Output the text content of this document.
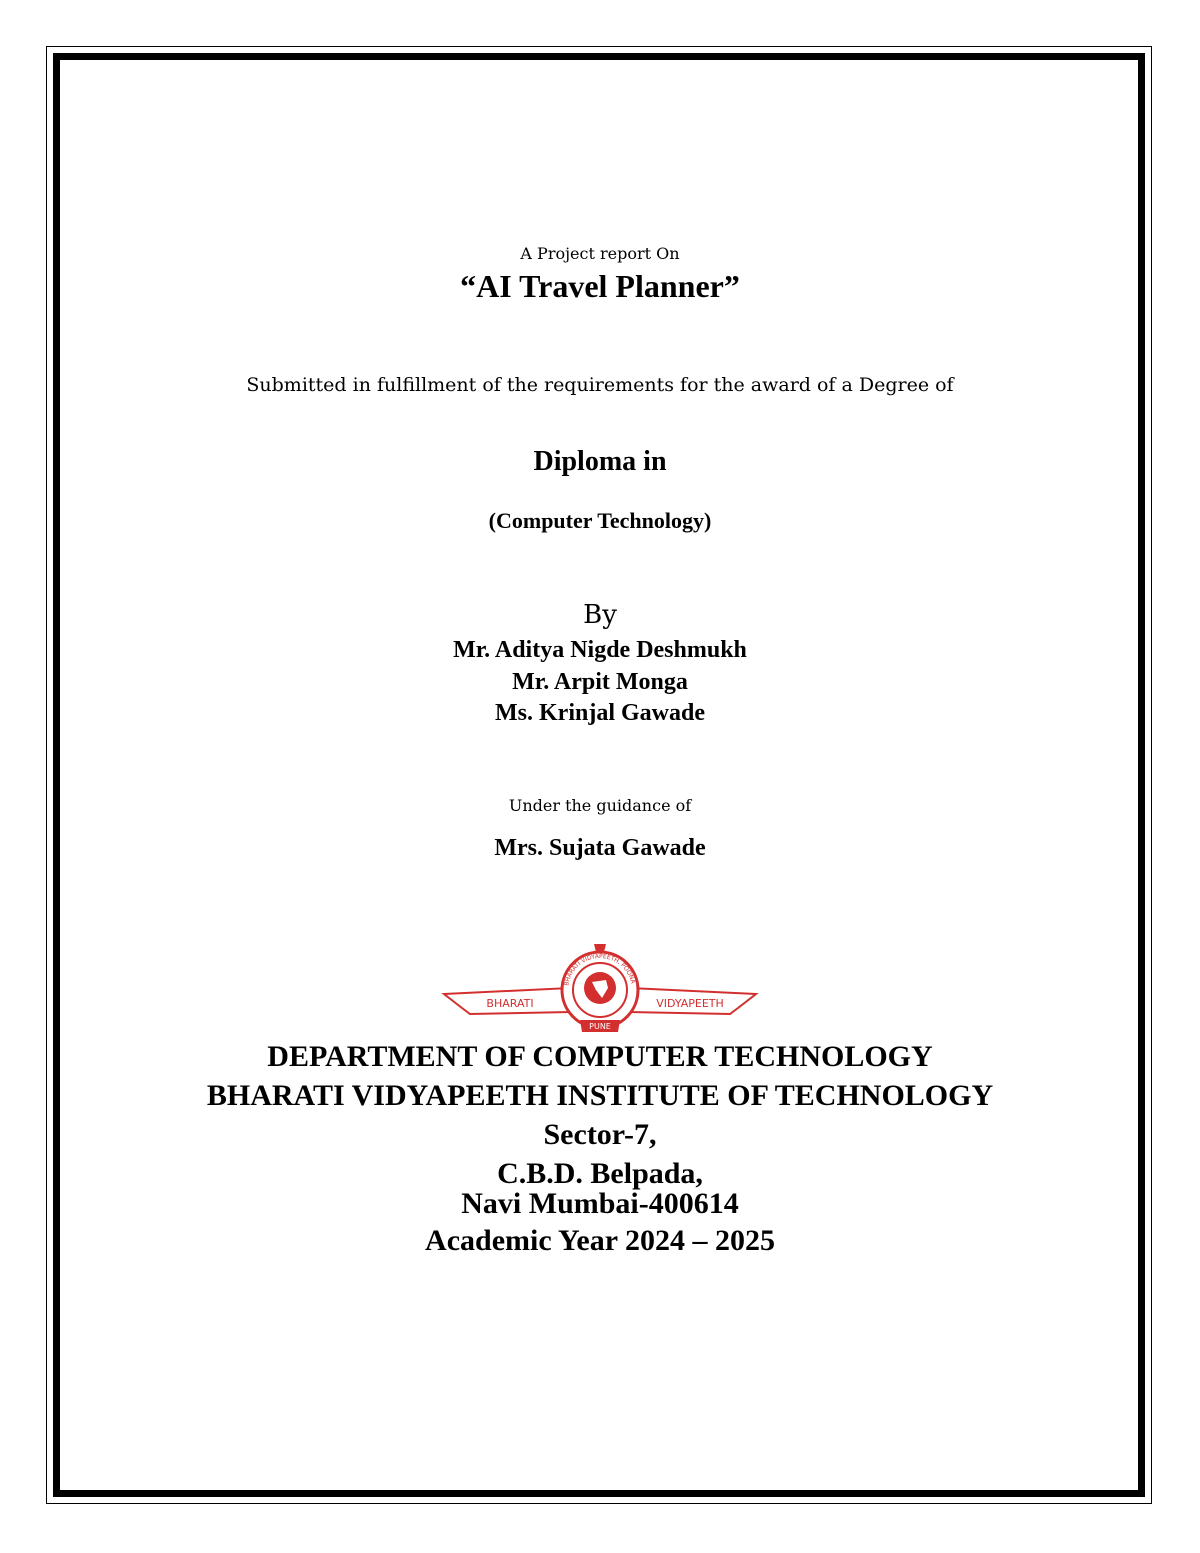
A Project report On
“AI Travel Planner”
Submitted in fulfillment of the requirements for the award of a Degree of
Diploma in
(Computer Technology)
By
Mr. Aditya Nigde Deshmukh
Mr. Arpit Monga
Ms. Krinjal Gawade
Under the guidance of
Mrs. Sujata Gawade
BHARATI	VIDYAPEETH
PUNE
BHARATI VIDYAPEETH, POONA
DEPARTMENT OF COMPUTER TECHNOLOGY
BHARATI VIDYAPEETH INSTITUTE OF TECHNOLOGY
Sector-7,
C.B.D. Belpada,
Navi Mumbai-400614
Academic Year 2024 – 2025
